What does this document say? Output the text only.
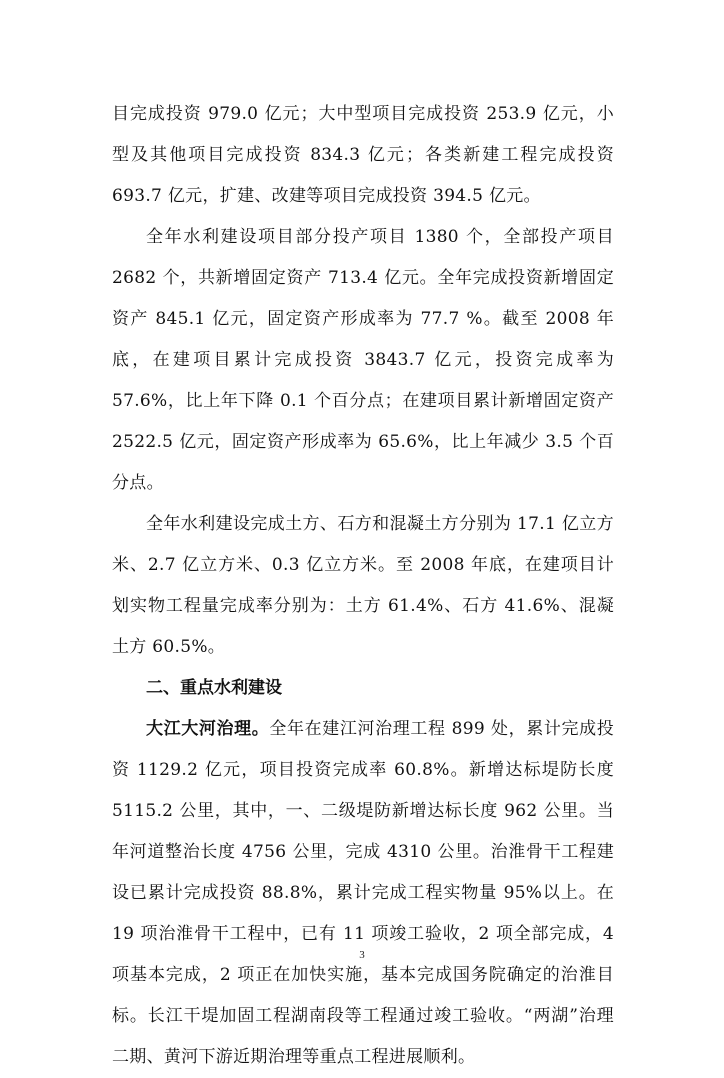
目完成投资 979.0 亿元；大中型项目完成投资 253.9 亿元，小型及其他项目完成投资 834.3 亿元；各类新建工程完成投资 693.7 亿元，扩建、改建等项目完成投资 394.5 亿元。

全年水利建设项目部分投产项目 1380 个，全部投产项目 2682 个，共新增固定资产 713.4 亿元。全年完成投资新增固定资产 845.1 亿元，固定资产形成率为 77.7 %。截至 2008 年底，在建项目累计完成投资 3843.7 亿元，投资完成率为 57.6%，比上年下降 0.1 个百分点；在建项目累计新增固定资产 2522.5 亿元，固定资产形成率为 65.6%，比上年减少 3.5 个百分点。

全年水利建设完成土方、石方和混凝土方分别为 17.1 亿立方米、2.7 亿立方米、0.3 亿立方米。至 2008 年底，在建项目计划实物工程量完成率分别为：土方 61.4%、石方 41.6%、混凝土方 60.5%。

二、重点水利建设

大江大河治理。全年在建江河治理工程 899 处，累计完成投资 1129.2 亿元，项目投资完成率 60.8%。新增达标堤防长度 5115.2 公里，其中，一、二级堤防新增达标长度 962 公里。当年河道整治长度 4756 公里，完成 4310 公里。治淮骨干工程建设已累计完成投资 88.8%，累计完成工程实物量 95%以上。在 19 项治淮骨干工程中，已有 11 项竣工验收，2 项全部完成，4 项基本完成，2 项正在加快实施，基本完成国务院确定的治淮目标。长江干堤加固工程湖南段等工程通过竣工验收。“两湖”治理二期、黄河下游近期治理等重点工程进展顺利。

3
